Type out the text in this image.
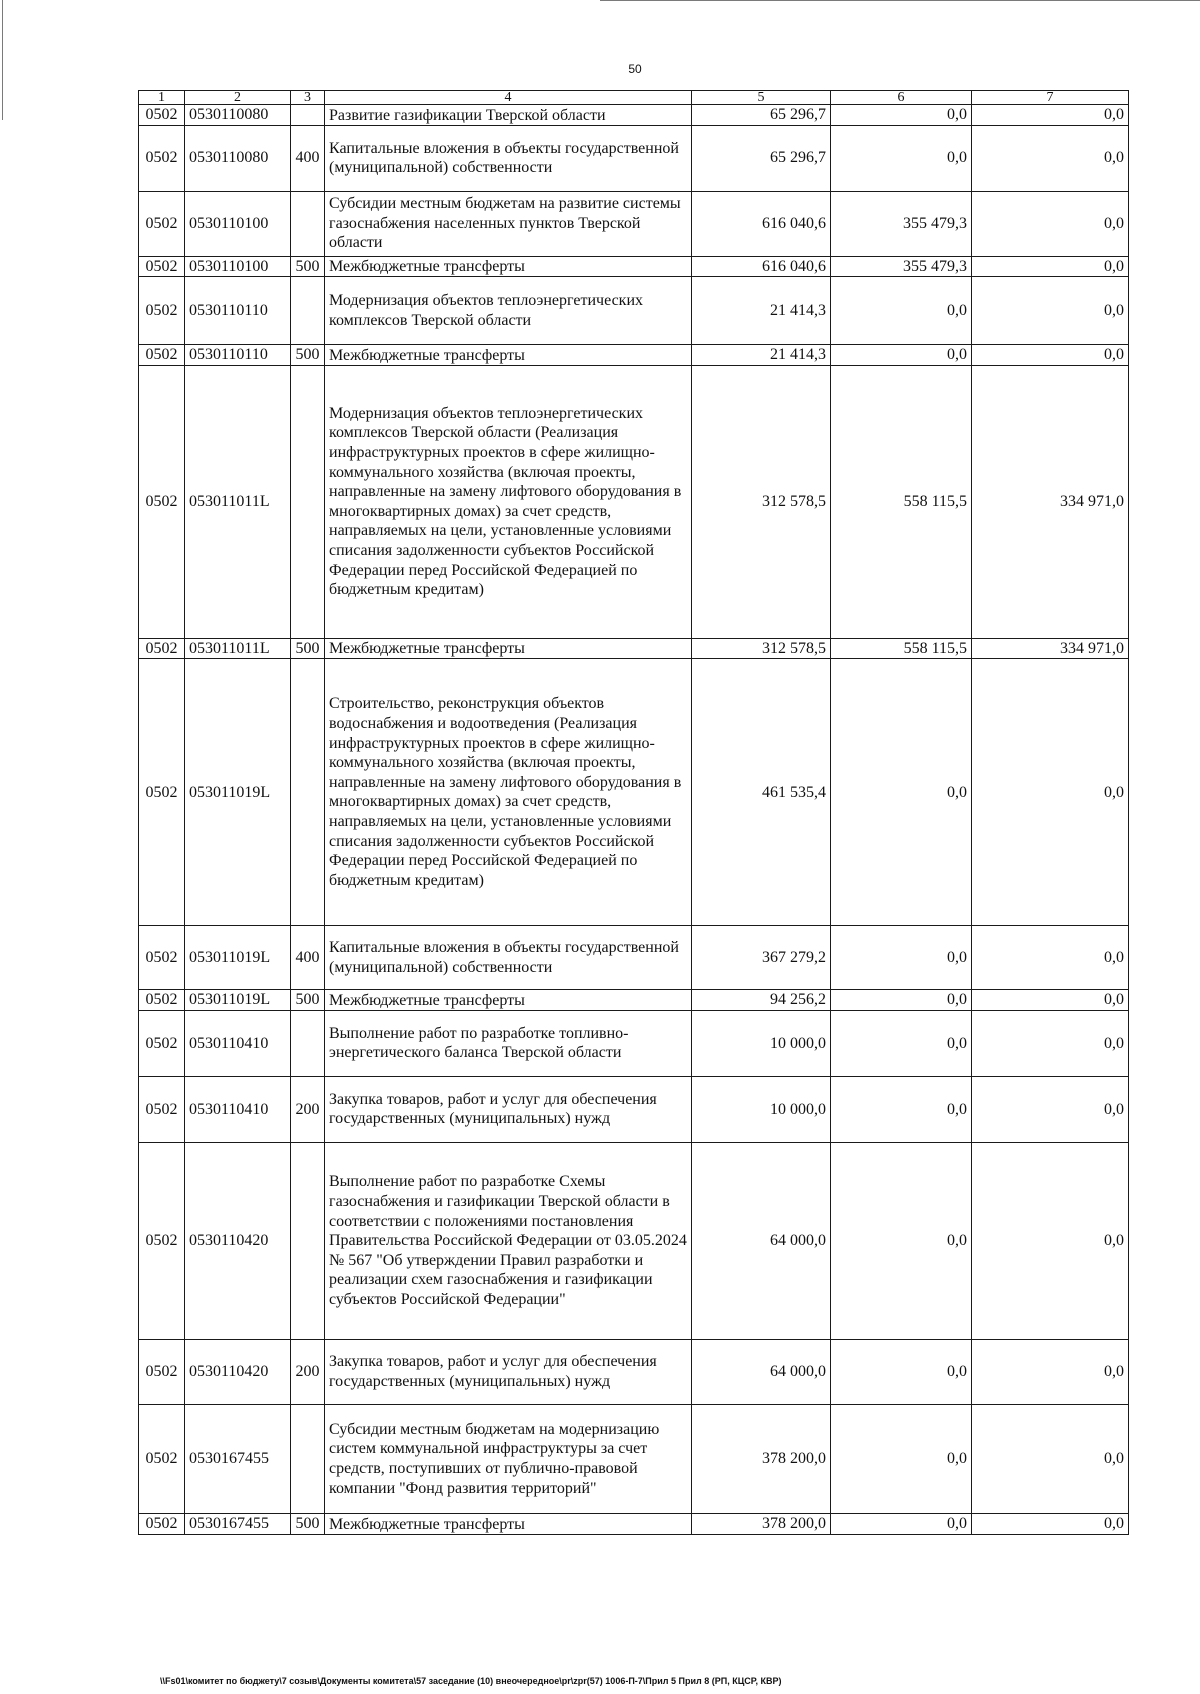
50
1	2	3	4	5	6	7
0502	0530110080		Развитие газификации Тверской области	65 296,7	0,0	0,0
0502	0530110080	400	Капитальные вложения в объекты государственной (муниципальной) собственности	65 296,7	0,0	0,0
0502	0530110100		Субсидии местным бюджетам на развитие системы газоснабжения населенных пунктов Тверской области	616 040,6	355 479,3	0,0
0502	0530110100	500	Межбюджетные трансферты	616 040,6	355 479,3	0,0
0502	0530110110		Модернизация объектов теплоэнергетических комплексов Тверской области	21 414,3	0,0	0,0
0502	0530110110	500	Межбюджетные трансферты	21 414,3	0,0	0,0
0502	053011011L		Модернизация объектов теплоэнергетических комплексов Тверской области (Реализация инфраструктурных проектов в сфере жилищно-коммунального хозяйства (включая проекты, направленные на замену лифтового оборудования в многоквартирных домах) за счет средств, направляемых на цели, установленные условиями списания задолженности субъектов Российской Федерации перед Российской Федерацией по бюджетным кредитам)	312 578,5	558 115,5	334 971,0
0502	053011011L	500	Межбюджетные трансферты	312 578,5	558 115,5	334 971,0
0502	053011019L		Строительство, реконструкция объектов водоснабжения и водоотведения (Реализация инфраструктурных проектов в сфере жилищно-коммунального хозяйства (включая проекты, направленные на замену лифтового оборудования в многоквартирных домах) за счет средств, направляемых на цели, установленные условиями списания задолженности субъектов Российской Федерации перед Российской Федерацией по бюджетным кредитам)	461 535,4	0,0	0,0
0502	053011019L	400	Капитальные вложения в объекты государственной (муниципальной) собственности	367 279,2	0,0	0,0
0502	053011019L	500	Межбюджетные трансферты	94 256,2	0,0	0,0
0502	0530110410		Выполнение работ по разработке топливно-энергетического баланса Тверской области	10 000,0	0,0	0,0
0502	0530110410	200	Закупка товаров, работ и услуг для обеспечения государственных (муниципальных) нужд	10 000,0	0,0	0,0
0502	0530110420		Выполнение работ по разработке Схемы газоснабжения и газификации Тверской области в соответствии с положениями постановления Правительства Российской Федерации от 03.05.2024 № 567 "Об утверждении Правил разработки и реализации схем газоснабжения и газификации субъектов Российской Федерации"	64 000,0	0,0	0,0
0502	0530110420	200	Закупка товаров, работ и услуг для обеспечения государственных (муниципальных) нужд	64 000,0	0,0	0,0
0502	0530167455		Субсидии местным бюджетам на модернизацию систем коммунальной инфраструктуры за счет средств, поступивших от публично-правовой компании "Фонд развития территорий"	378 200,0	0,0	0,0
0502	0530167455	500	Межбюджетные трансферты	378 200,0	0,0	0,0
\\Fs01\комитет по бюджету\7 созыв\Документы комитета\57 заседание (10) внеочередное\pr\zpr(57) 1006-П-7\Прил 5 Прил 8 (РП, КЦСР, КВР)
